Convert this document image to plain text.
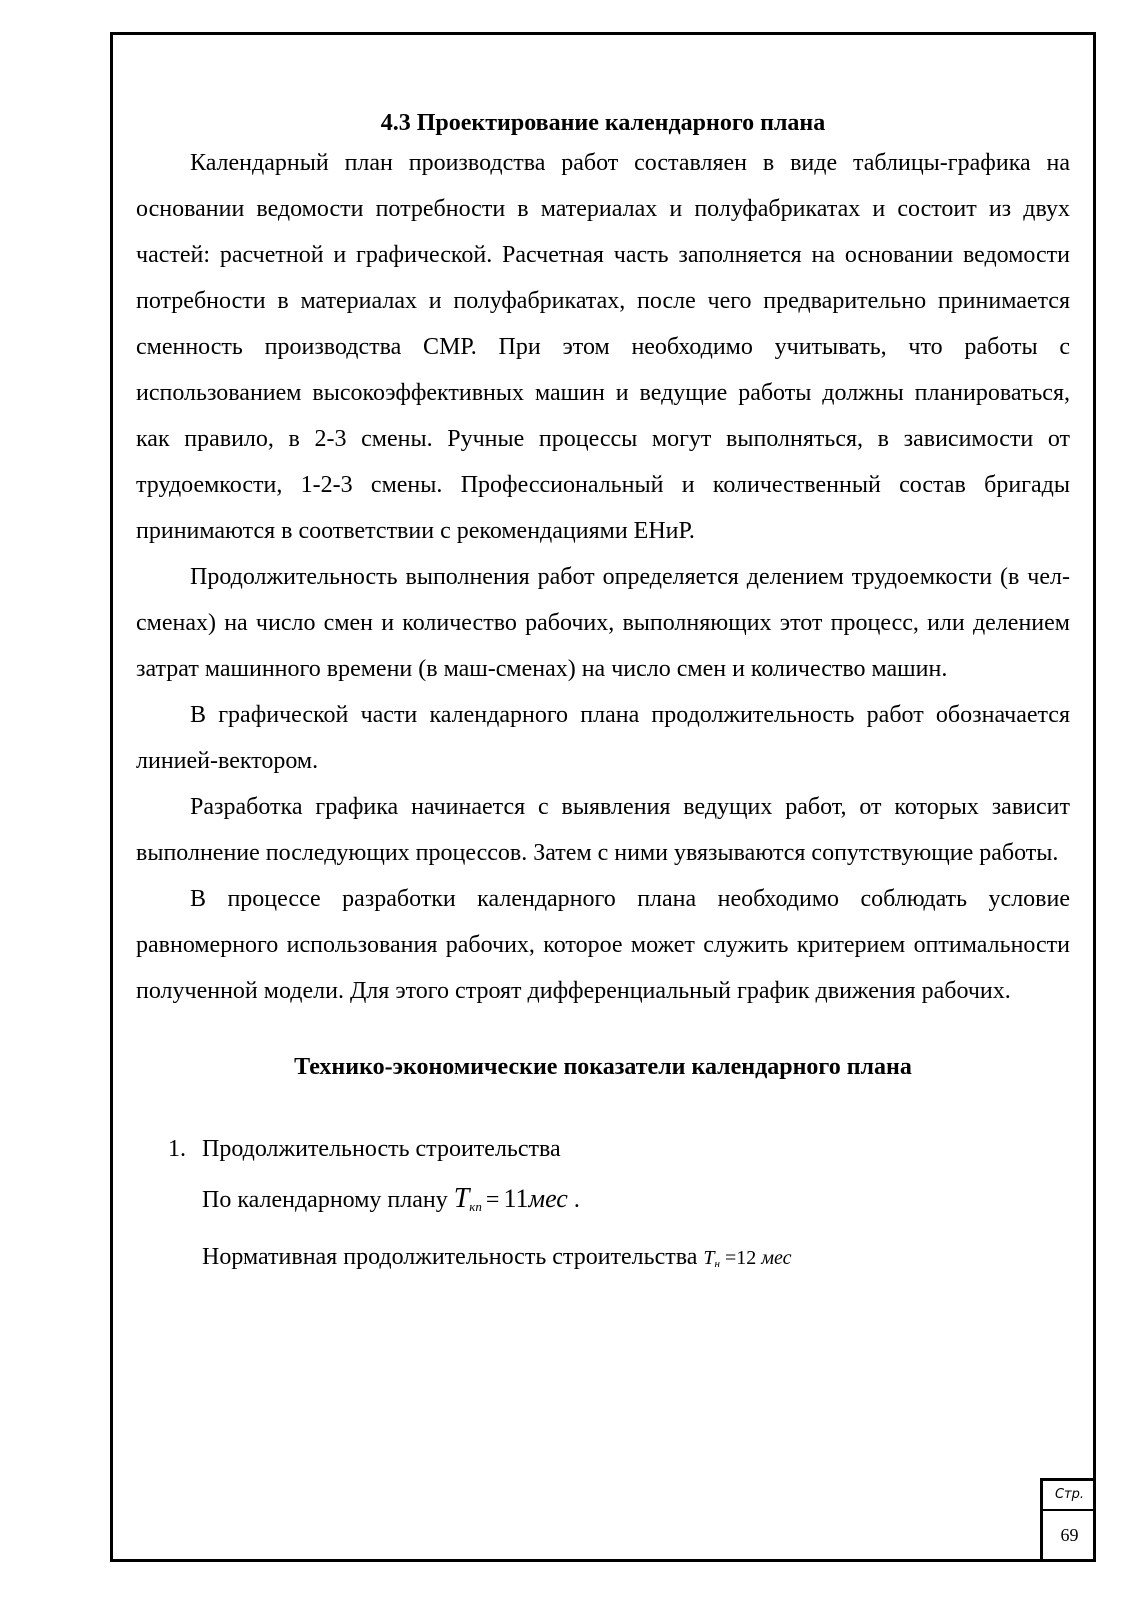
4.3 Проектирование календарного плана

Календарный план производства работ составляен в виде таблицы-графика на основании ведомости потребности в материалах и полуфабрикатах и состоит из двух частей: расчетной и графической. Расчетная часть заполняется на основании ведомости потребности в материалах и полуфабрикатах, после чего предварительно принимается сменность производства СМР. При этом необходимо учитывать, что работы с использованием высокоэффективных машин и ведущие работы должны планироваться, как правило, в 2-3 смены. Ручные процессы могут выполняться, в зависимости от трудоемкости, 1-2-3 смены. Профессиональный и количественный состав бригады принимаются в соответствии с рекомендациями ЕНиР.

Продолжительность выполнения работ определяется делением трудоемкости (в чел-сменах) на число смен и количество рабочих, выполняющих этот процесс, или делением затрат машинного времени (в маш-сменах) на число смен и количество машин.

В графической части календарного плана продолжительность работ обозначается линией-вектором.

Разработка графика начинается с выявления ведущих работ, от которых зависит выполнение последующих процессов. Затем с ними увязываются сопутствующие работы.

В процессе разработки календарного плана необходимо соблюдать условие равномерного использования рабочих, которое может служить критерием оптимальности полученной модели. Для этого строят дифференциальный график движения рабочих.

Технико-экономические показатели календарного плана
1. Продолжительность строительства
По календарному плану $T_{кп} = 11мес$ .
Нормативная продолжительность строительства $T_н =12$ мес
Стр.
69
